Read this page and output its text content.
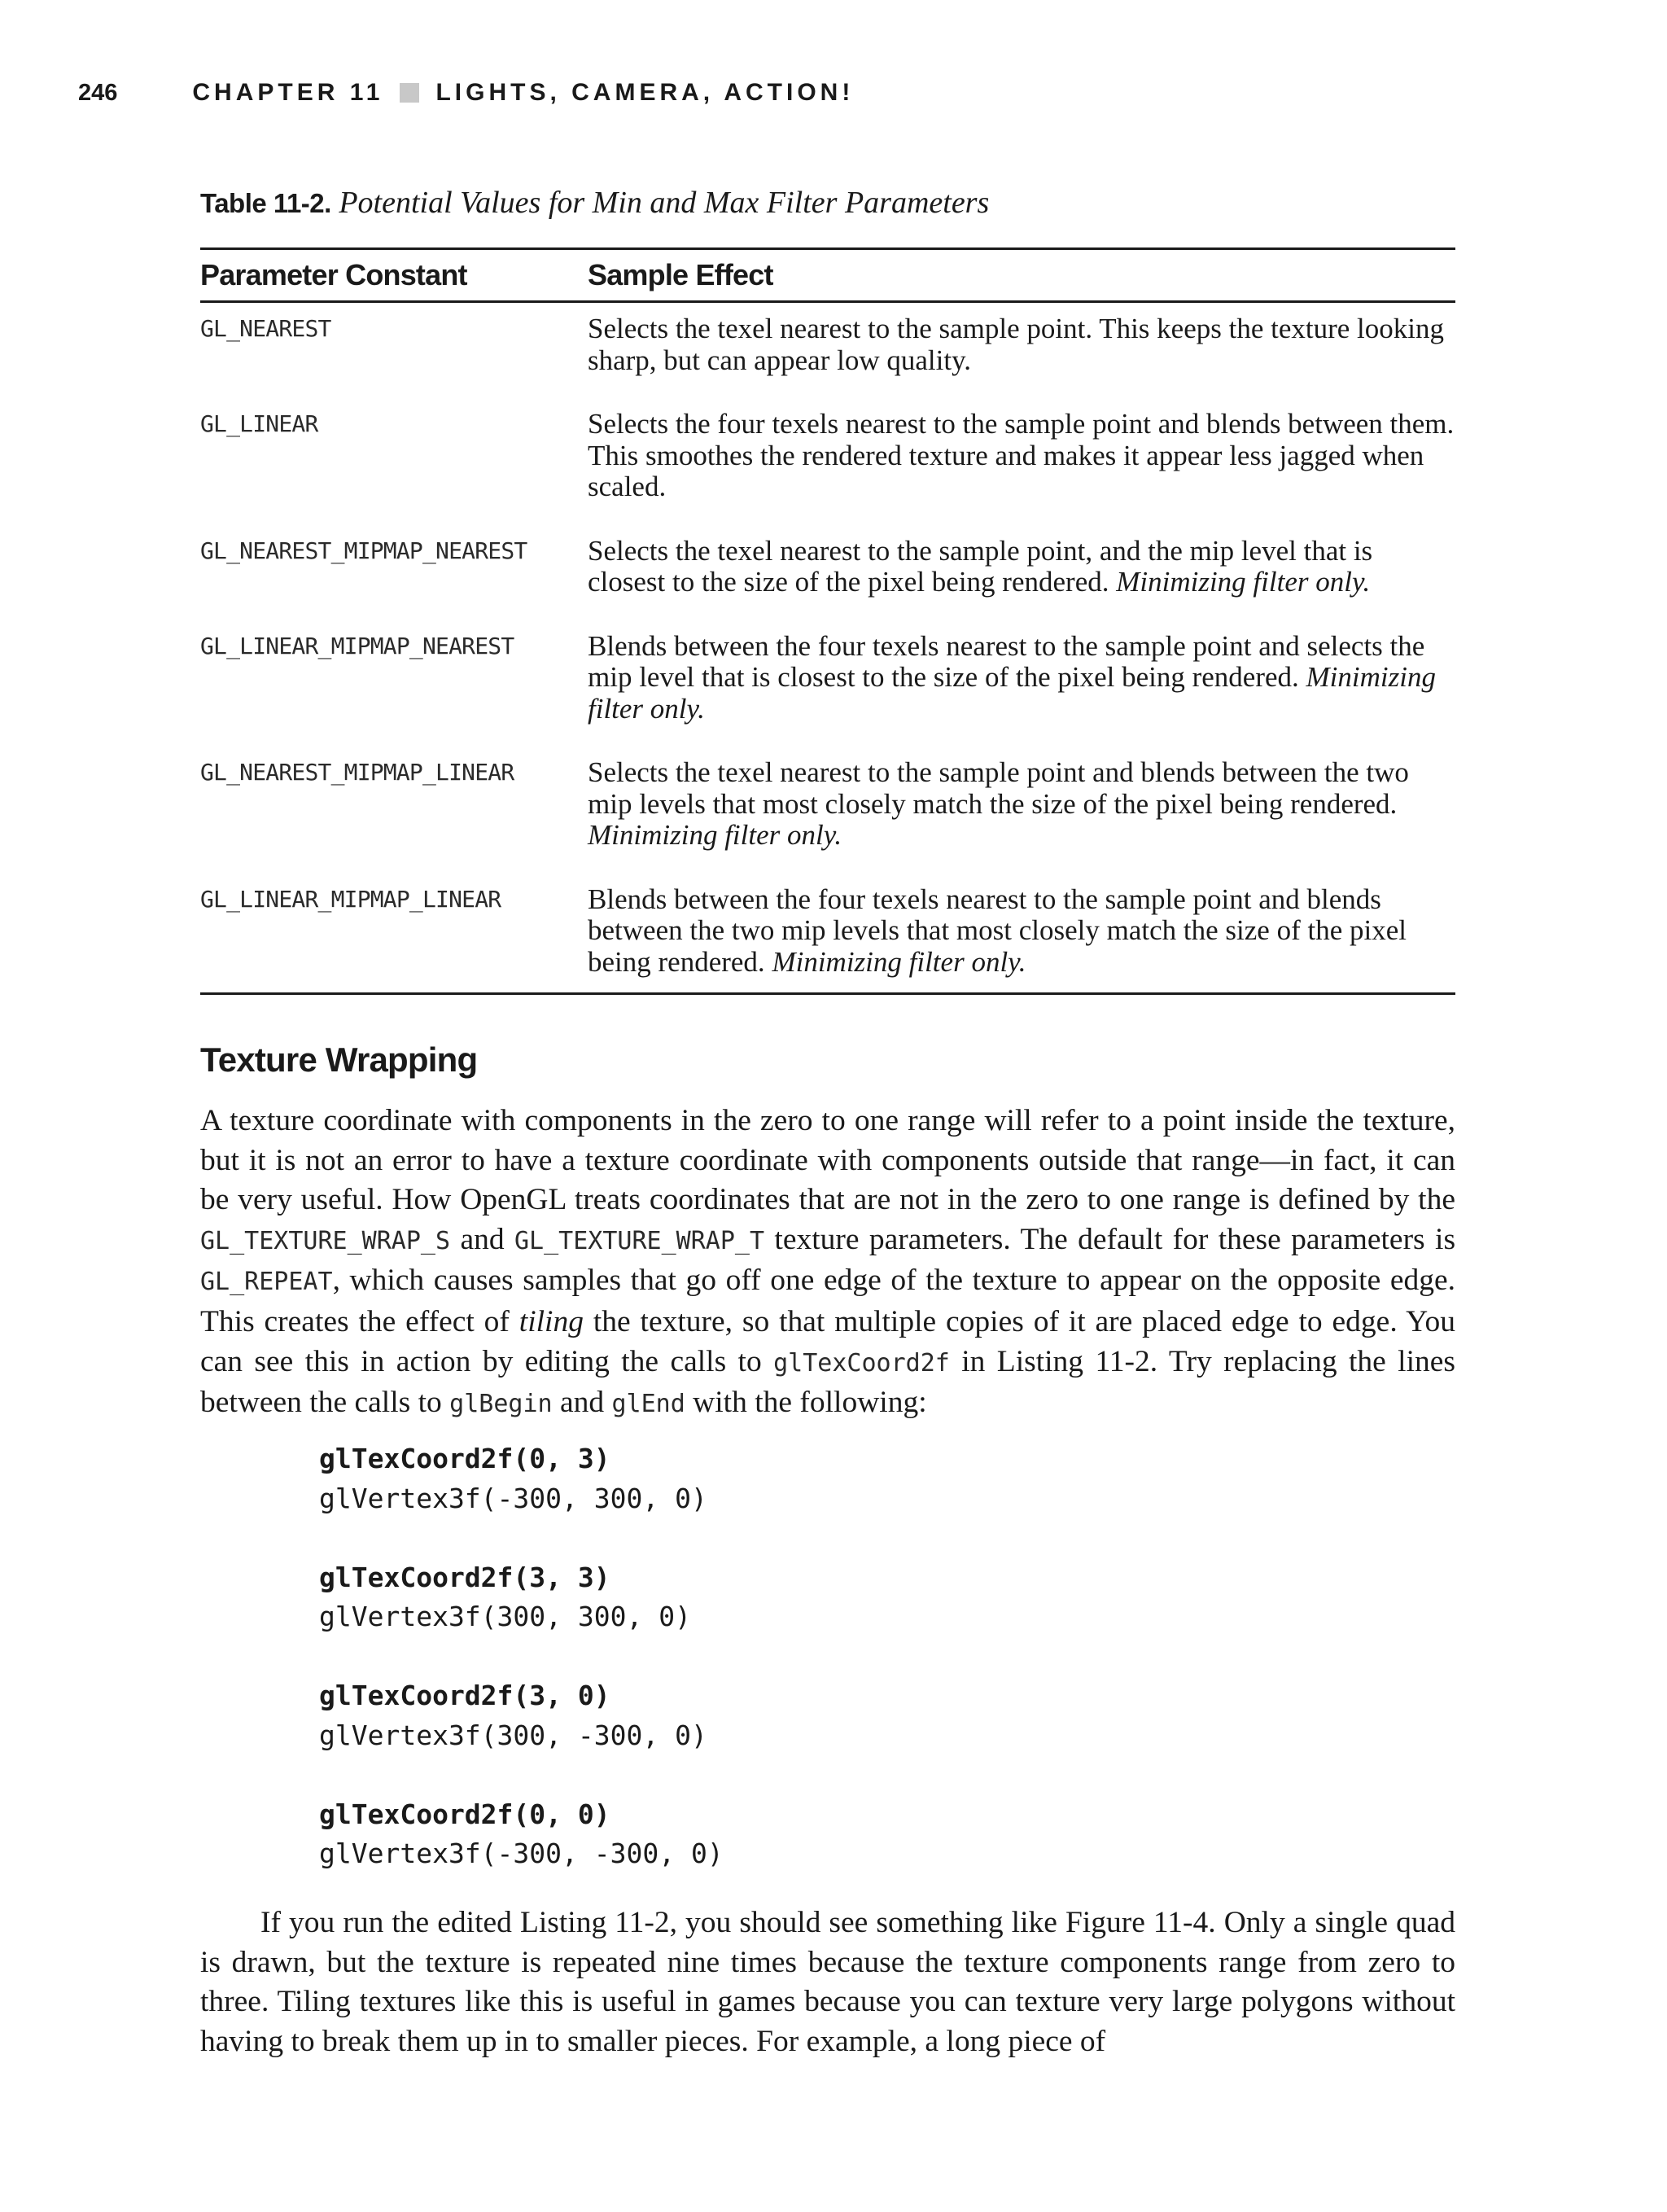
246	CHAPTER 11 LIGHTS, CAMERA, ACTION!
Table 11-2. Potential Values for Min and Max Filter Parameters
Parameter Constant	Sample Effect
GL_NEAREST	Selects the texel nearest to the sample point. This keeps the texture looking sharp, but can appear low quality.
GL_LINEAR	Selects the four texels nearest to the sample point and blends between them. This smoothes the rendered texture and makes it appear less jagged when scaled.
GL_NEAREST_MIPMAP_NEAREST	Selects the texel nearest to the sample point, and the mip level that is closest to the size of the pixel being rendered. Minimizing filter only.
GL_LINEAR_MIPMAP_NEAREST	Blends between the four texels nearest to the sample point and selects the mip level that is closest to the size of the pixel being rendered. Minimizing filter only.
GL_NEAREST_MIPMAP_LINEAR	Selects the texel nearest to the sample point and blends between the two mip levels that most closely match the size of the pixel being rendered. Minimizing filter only.
GL_LINEAR_MIPMAP_LINEAR	Blends between the four texels nearest to the sample point and blends between the two mip levels that most closely match the size of the pixel being rendered. Minimizing filter only.
Texture Wrapping

A texture coordinate with components in the zero to one range will refer to a point inside the texture, but it is not an error to have a texture coordinate with components outside that range—in fact, it can be very useful. How OpenGL treats coordinates that are not in the zero to one range is defined by the GL_TEXTURE_WRAP_S and GL_TEXTURE_WRAP_T texture parameters. The default for these parameters is GL_REPEAT, which causes samples that go off one edge of the texture to appear on the opposite edge. This creates the effect of tiling the texture, so that multiple copies of it are placed edge to edge. You can see this in action by editing the calls to glTexCoord2f in Listing 11-2. Try replacing the lines between the calls to glBegin and glEnd with the following:

glTexCoord2f(0, 3)
glVertex3f(-300, 300, 0)
glTexCoord2f(3, 3)
glVertex3f(300, 300, 0)
glTexCoord2f(3, 0)
glVertex3f(300, -300, 0)
glTexCoord2f(0, 0)
glVertex3f(-300, -300, 0)

If you run the edited Listing 11-2, you should see something like Figure 11-4. Only a single quad is drawn, but the texture is repeated nine times because the texture components range from zero to three. Tiling textures like this is useful in games because you can texture very large polygons without having to break them up in to smaller pieces. For example, a long piece of
